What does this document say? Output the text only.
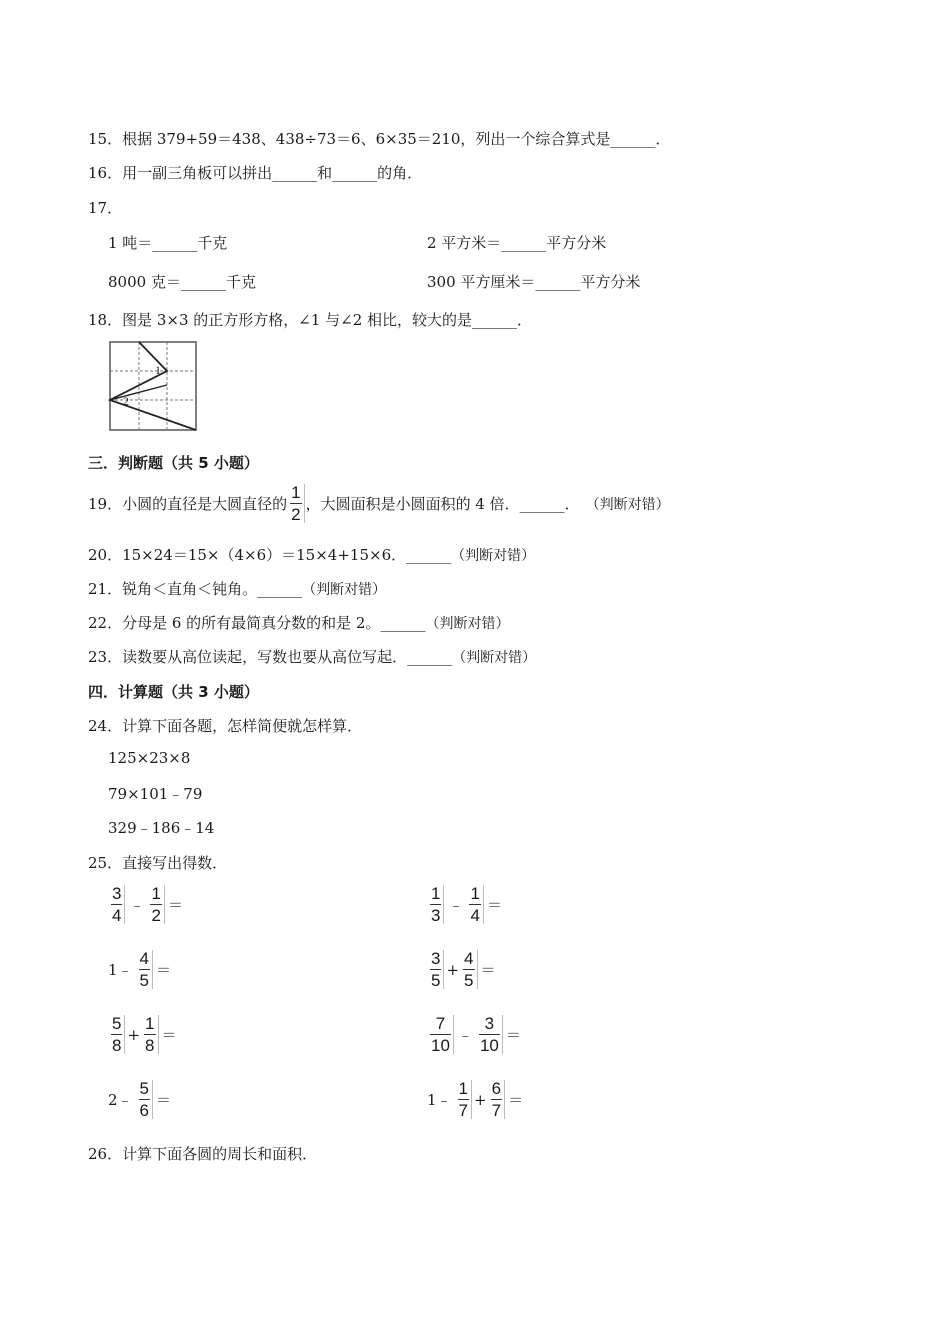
15．根据 379+59＝438、438÷73＝6、6×35＝210，列出一个综合算式是______．
16．用一副三角板可以拼出______和______的角．
17．
1 吨＝______千克	2 平方米＝______平方分米
8000 克＝______千克	300 平方厘米＝______平方分米
18．图是 3×3 的正方形方格，∠1 与∠2 相比，较大的是______．
1
2
三．判断题（共 5 小题）
19．小圆的直径是大圆直径的 $\frac{1}{2}$ ，大圆面积是小圆面积的 4 倍．______． （判断对错）
20．15×24＝15×（4×6）＝15×4+15×6．______（判断对错）
21．锐角＜直角＜钝角。______（判断对错）
22．分母是 6 的所有最简真分数的和是 2。______（判断对错）
23．读数要从高位读起，写数也要从高位写起．______（判断对错）
四．计算题（共 3 小题）
24．计算下面各题，怎样简便就怎样算．
125×23×8
79×101﹣79
329﹣186﹣14
25．直接写出得数．
$\frac{3}{4}$ ﹣ $\frac{1}{2}$ ＝	$\frac{1}{3}$ ﹣ $\frac{1}{4}$ ＝
1﹣ $\frac{4}{5}$ ＝	$\frac{3}{5} + \frac{4}{5}$ ＝
$\frac{5}{8} + \frac{1}{8}$ ＝	$\frac{7}{10}$ ﹣ $\frac{3}{10}$ ＝
2﹣ $\frac{5}{6}$ ＝	1﹣ $\frac{1}{7} + \frac{6}{7}$ ＝
26．计算下面各圆的周长和面积．
